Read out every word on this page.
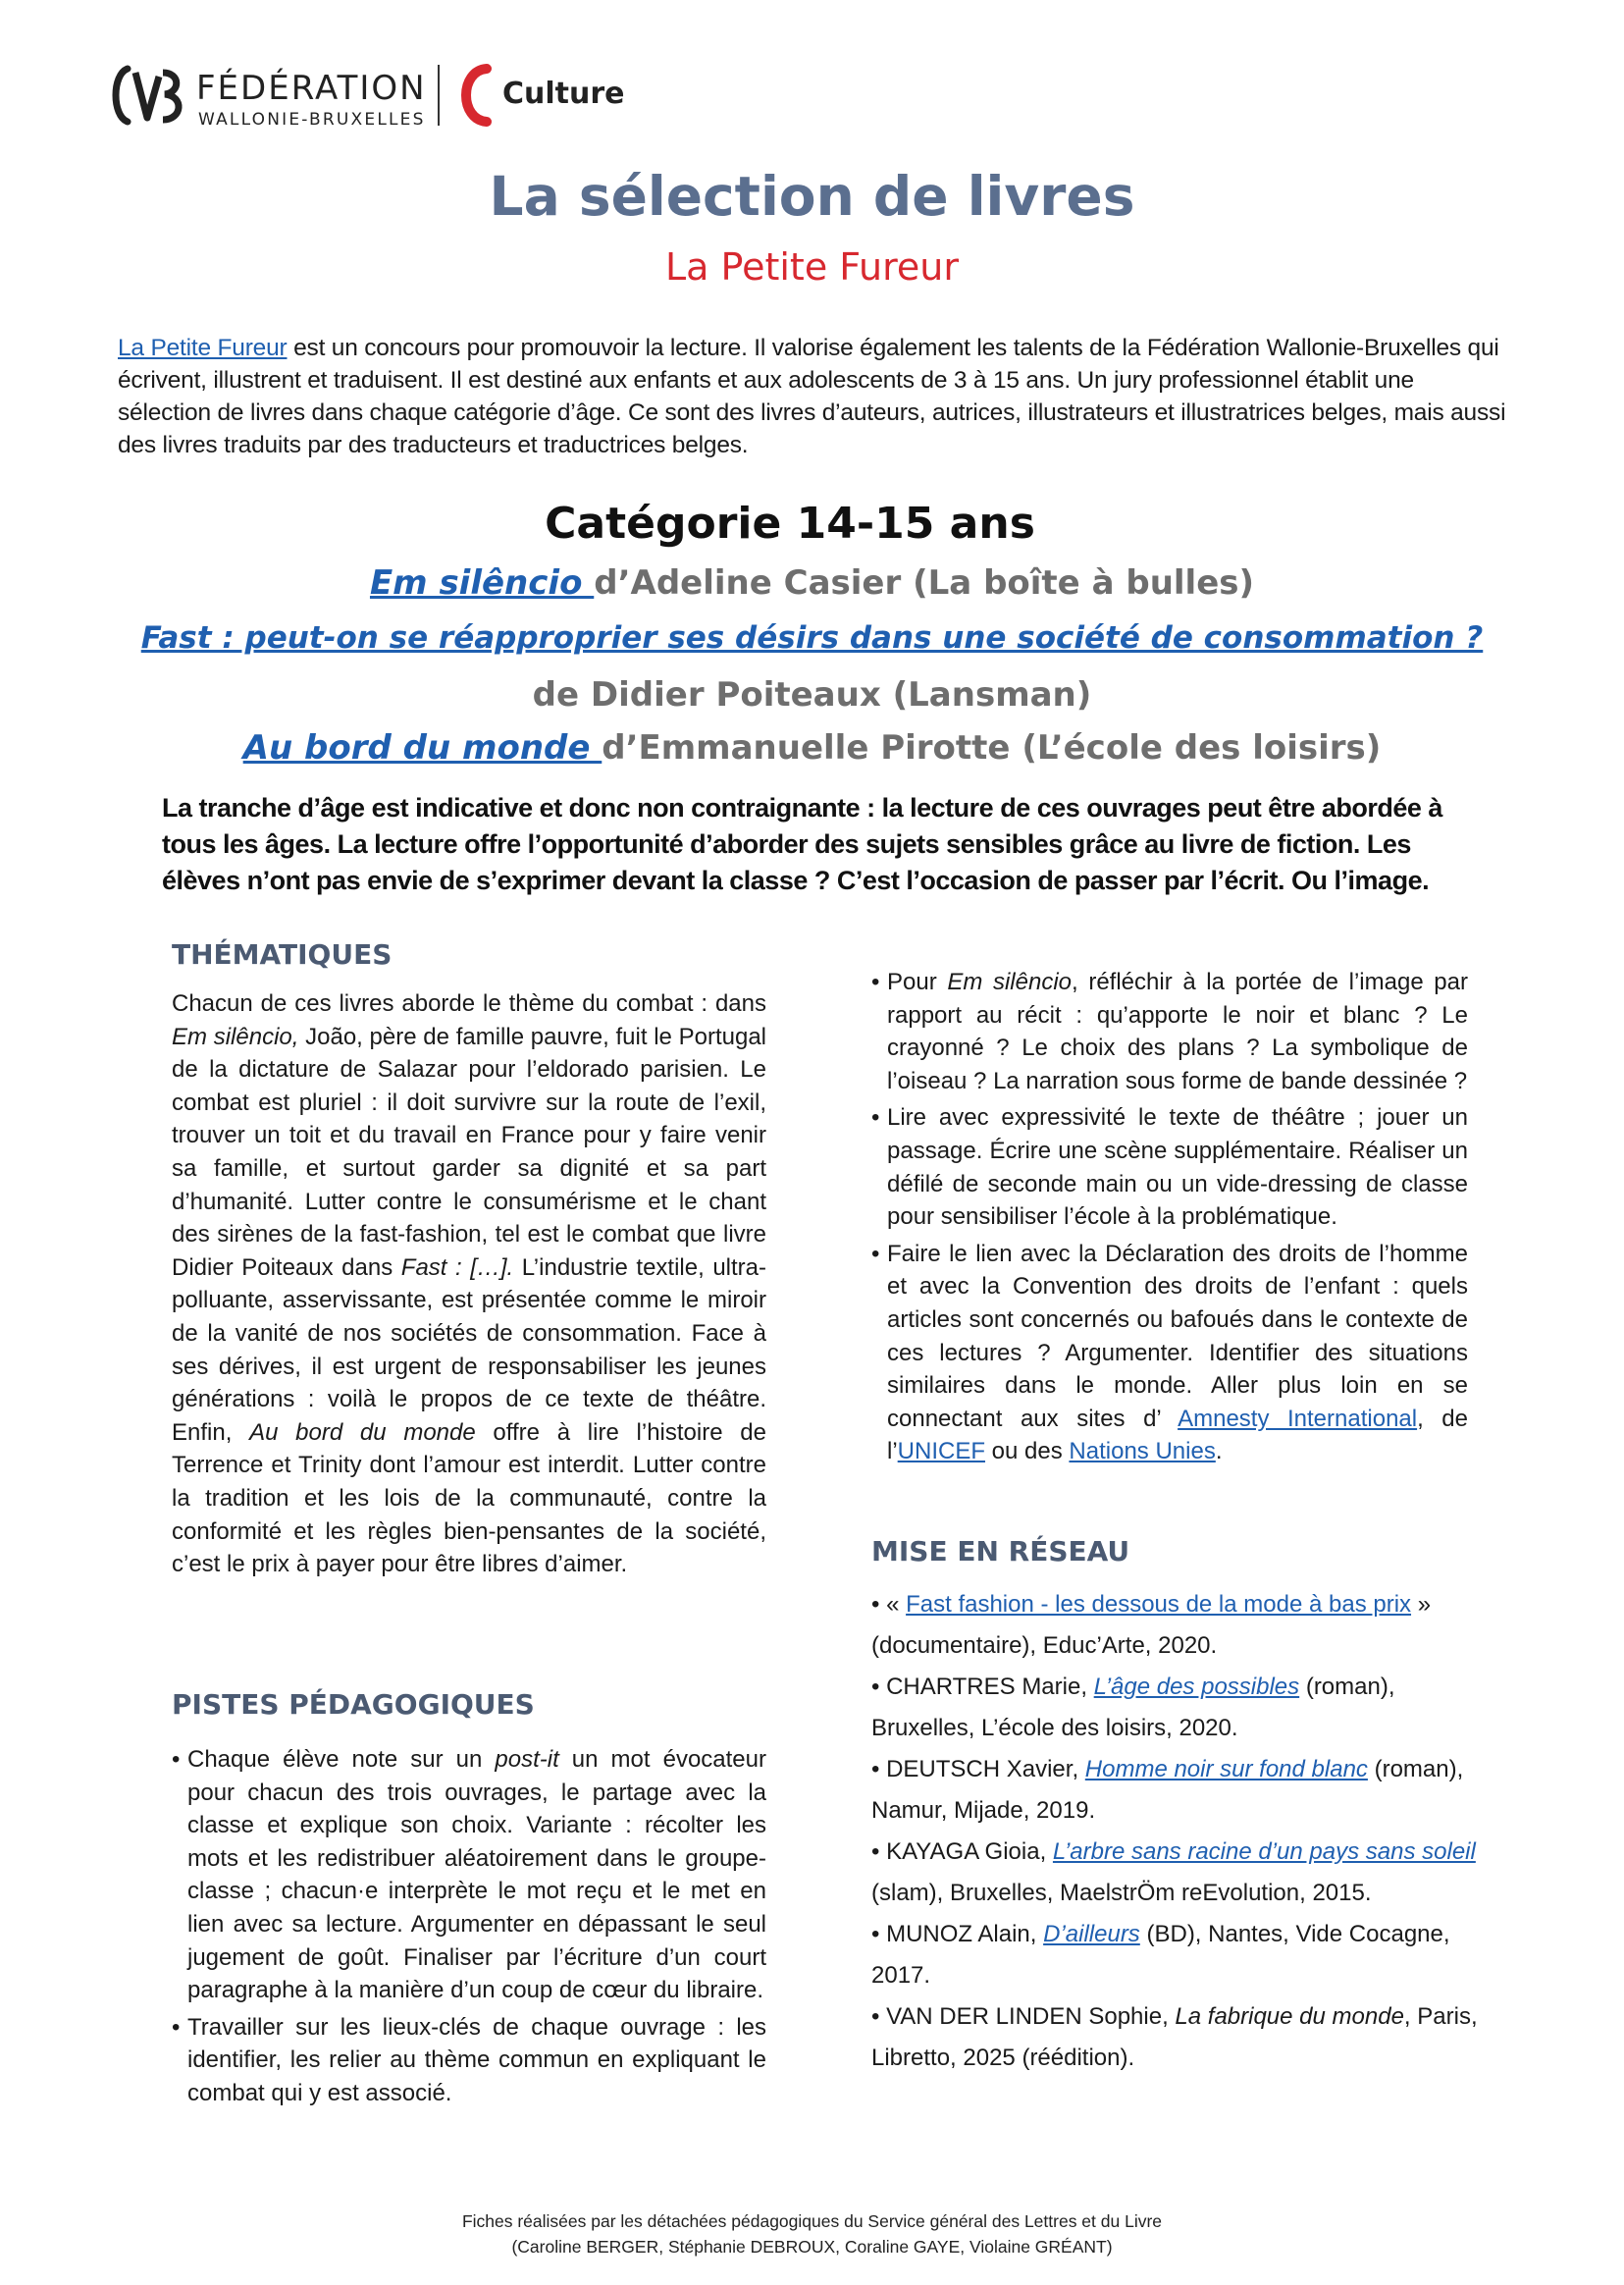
FÉDÉRATION
WALLONIE-BRUXELLES
Culture
La sélection de livres
La Petite Fureur
La Petite Fureur est un concours pour promouvoir la lecture. Il valorise également les talents de la Fédération Wallonie-Bruxelles qui écrivent, illustrent et traduisent. Il est destiné aux enfants et aux adolescents de 3 à 15 ans. Un jury professionnel établit une sélection de livres dans chaque catégorie d’âge. Ce sont des livres d’auteurs, autrices, illustrateurs et illustratrices belges, mais aussi des livres traduits par des traducteurs et traductrices belges.
Catégorie 14-15 ans
Em silêncio d’Adeline Casier (La boîte à bulles)
Fast : peut-on se réapproprier ses désirs dans une société de consommation ?
de Didier Poiteaux (Lansman)
Au bord du monde d’Emmanuelle Pirotte (L’école des loisirs)
La tranche d’âge est indicative et donc non contraignante : la lecture de ces ouvrages peut être abordée à tous les âges. La lecture offre l’opportunité d’aborder des sujets sensibles grâce au livre de fiction. Les élèves n’ont pas envie de s’exprimer devant la classe ? C’est l’occasion de passer par l’écrit. Ou l’image.
THÉMATIQUES

Chacun de ces livres aborde le thème du combat : dans Em silêncio, João, père de famille pauvre, fuit le Portugal de la dictature de Salazar pour l’eldorado parisien. Le combat est pluriel : il doit survivre sur la route de l’exil, trouver un toit et du travail en France pour y faire venir sa famille, et surtout garder sa dignité et sa part d’humanité. Lutter contre le consumérisme et le chant des sirènes de la fast-fashion, tel est le combat que livre Didier Poiteaux dans Fast : […]. L’industrie textile, ultra-polluante, asservissante, est présentée comme le miroir de la vanité de nos sociétés de consommation. Face à ses dérives, il est urgent de responsabiliser les jeunes générations : voilà le propos de ce texte de théâtre. Enfin, Au bord du monde offre à lire l’histoire de Terrence et Trinity dont l’amour est interdit. Lutter contre la tradition et les lois de la communauté, contre la conformité et les règles bien-pensantes de la société, c’est le prix à payer pour être libres d’aimer.

PISTES PÉDAGOGIQUES
• Chaque élève note sur un post-it un mot évocateur pour chacun des trois ouvrages, le partage avec la classe et explique son choix. Variante : récolter les mots et les redistribuer aléatoirement dans le groupe-classe ; chacun·e interprète le mot reçu et le met en lien avec sa lecture. Argumenter en dépassant le seul jugement de goût. Finaliser par l’écriture d’un court paragraphe à la manière d’un coup de cœur du libraire.
• Travailler sur les lieux-clés de chaque ouvrage : les identifier, les relier au thème commun en expliquant le combat qui y est associé.
• Pour Em silêncio, réfléchir à la portée de l’image par rapport au récit : qu’apporte le noir et blanc ? Le crayonné ? Le choix des plans ? La symbolique de l’oiseau ? La narration sous forme de bande dessinée ?
• Lire avec expressivité le texte de théâtre ; jouer un passage. Écrire une scène supplémentaire. Réaliser un défilé de seconde main ou un vide-dressing de classe pour sensibiliser l’école à la problématique.
• Faire le lien avec la Déclaration des droits de l’homme et avec la Convention des droits de l’enfant : quels articles sont concernés ou bafoués dans le contexte de ces lectures ? Argumenter. Identifier des situations similaires dans le monde. Aller plus loin en se connectant aux sites d’ Amnesty International, de l’UNICEF ou des Nations Unies.
MISE EN RÉSEAU

• « Fast fashion - les dessous de la mode à bas prix » (documentaire), Educ’Arte, 2020.

• CHARTRES Marie, L’âge des possibles (roman), Bruxelles, L’école des loisirs, 2020.

• DEUTSCH Xavier, Homme noir sur fond blanc (roman), Namur, Mijade, 2019.

• KAYAGA Gioia, L’arbre sans racine d’un pays sans soleil (slam), Bruxelles, MaelstrÖm reEvolution, 2015.

• MUNOZ Alain, D’ailleurs (BD), Nantes, Vide Cocagne, 2017.

• VAN DER LINDEN Sophie, La fabrique du monde, Paris, Libretto, 2025 (réédition).

Fiches réalisées par les détachées pédagogiques du Service général des Lettres et du Livre
(Caroline BERGER, Stéphanie DEBROUX, Coraline GAYE, Violaine GRÉANT)
